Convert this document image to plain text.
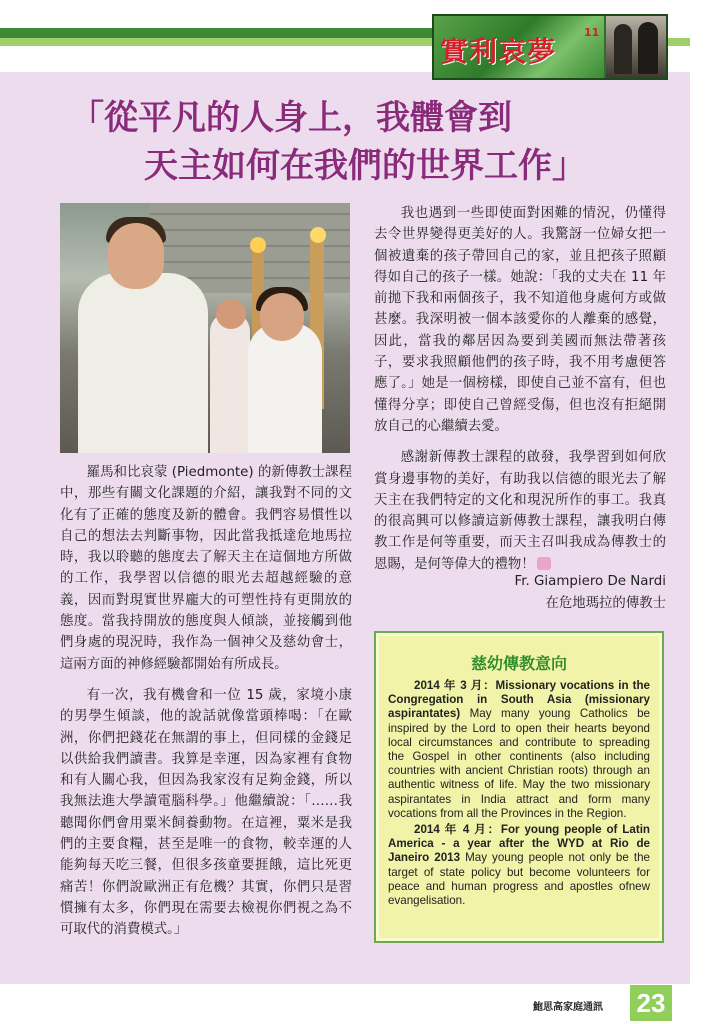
實利哀夢
11
「從平凡的人身上，我體會到
天主如何在我們的世界工作」

羅馬和比哀蒙 (Piedmonte) 的新傳教士課程中，那些有關文化課題的介紹，讓我對不同的文化有了正確的態度及新的體會。我們容易慣性以自己的想法去判斷事物，因此當我抵達危地馬拉時，我以聆聽的態度去了解天主在這個地方所做的工作，我學習以信德的眼光去超越經驗的意義，因而對現實世界龐大的可塑性持有更開放的態度。當我持開放的態度與人傾談，並接觸到他們身處的現況時，我作為一個神父及慈幼會士，這兩方面的神修經驗都開始有所成長。

有一次，我有機會和一位 15 歲，家境小康的男學生傾談，他的說話就像當頭棒喝：「在歐洲，你們把錢花在無謂的事上，但同樣的金錢足以供給我們讀書。我算是幸運，因為家裡有食物和有人關心我，但因為我家沒有足夠金錢，所以我無法進大學讀電腦科學。」他繼續說：「……我聽聞你們會用粟米飼養動物。在這裡，粟米是我們的主要食糧，甚至是唯一的食物，較幸運的人能夠每天吃三餐，但很多孩童要捱餓，這比死更痛苦！你們說歐洲正有危機？其實，你們只是習慣擁有太多，你們現在需要去檢視你們視之為不可取代的消費模式。」

我也遇到一些即使面對困難的情況，仍懂得去令世界變得更美好的人。我驚訝一位婦女把一個被遺棄的孩子帶回自己的家，並且把孩子照顧得如自己的孩子一樣。她說：「我的丈夫在 11 年前拋下我和兩個孩子，我不知道他身處何方或做甚麼。我深明被一個本該愛你的人離棄的感覺，因此，當我的鄰居因為要到美國而無法帶著孩子，要求我照顧他們的孩子時，我不用考慮便答應了。」她是一個榜樣，即使自己並不富有，但也懂得分享；即使自己曾經受傷，但也沒有拒絕開放自己的心繼續去愛。

感謝新傳教士課程的啟發，我學習到如何欣賞身邊事物的美好，有助我以信德的眼光去了解天主在我們特定的文化和現況所作的事工。我真的很高興可以修讀這新傳教士課程，讓我明白傳教工作是何等重要，而天主召叫我成為傳教士的恩賜，是何等偉大的禮物！

Fr. Giampiero De Nardi
在危地瑪拉的傳教士
慈幼傳教意向
2014 年 3 月：Missionary vocations in the Congregation in South Asia (missionary aspirantates) May many young Catholics be inspired by the Lord to open their hearts beyond local circumstances and contribute to spreading the Gospel in other continents (also including countries with ancient Christian roots) through an authentic witness of life. May the two missionary aspirantates in India attract and form many vocations from all the Provinces in the Region.
2014 年 4 月：For young people of Latin America - a year after the WYD at Rio de Janeiro 2013 May young people not only be the target of state policy but become volunteers for peace and human progress and apostles ofnew evangelisation.
鮑思高家庭通訊 23
